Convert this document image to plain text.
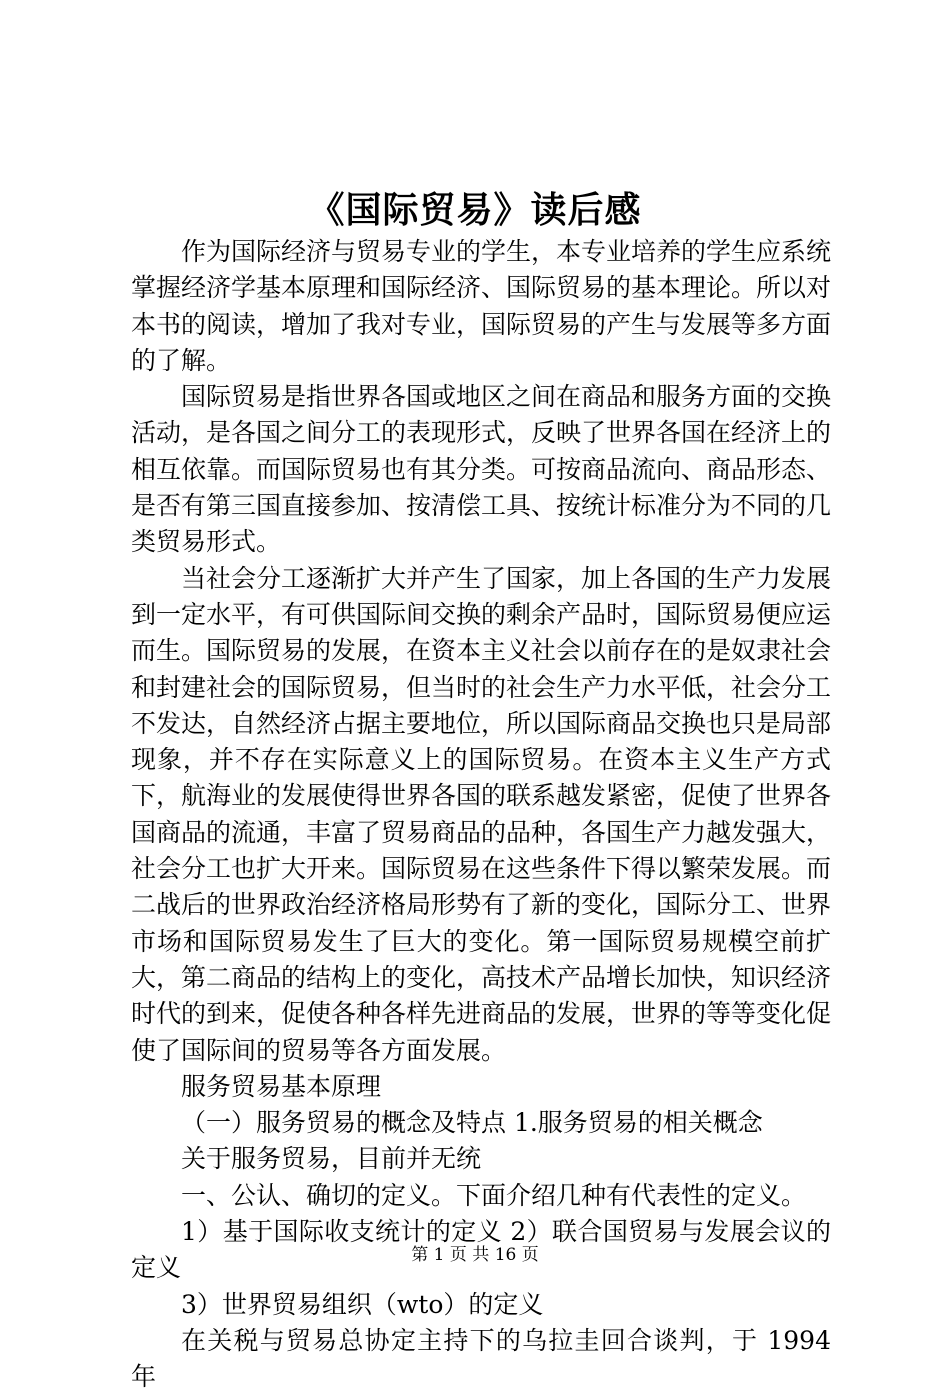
《国际贸易》读后感

作为国际经济与贸易专业的学生，本专业培养的学生应系统掌握经济学基本原理和国际经济、国际贸易的基本理论。所以对本书的阅读，增加了我对专业，国际贸易的产生与发展等多方面的了解。

国际贸易是指世界各国或地区之间在商品和服务方面的交换活动，是各国之间分工的表现形式，反映了世界各国在经济上的相互依靠。而国际贸易也有其分类。可按商品流向、商品形态、是否有第三国直接参加、按清偿工具、按统计标准分为不同的几类贸易形式。

当社会分工逐渐扩大并产生了国家，加上各国的生产力发展到一定水平，有可供国际间交换的剩余产品时，国际贸易便应运而生。国际贸易的发展，在资本主义社会以前存在的是奴隶社会和封建社会的国际贸易，但当时的社会生产力水平低，社会分工不发达，自然经济占据主要地位，所以国际商品交换也只是局部现象，并不存在实际意义上的国际贸易。在资本主义生产方式下，航海业的发展使得世界各国的联系越发紧密，促使了世界各国商品的流通，丰富了贸易商品的品种，各国生产力越发强大，社会分工也扩大开来。国际贸易在这些条件下得以繁荣发展。而二战后的世界政治经济格局形势有了新的变化，国际分工、世界市场和国际贸易发生了巨大的变化。第一国际贸易规模空前扩大，第二商品的结构上的变化，高技术产品增长加快，知识经济时代的到来，促使各种各样先进商品的发展，世界的等等变化促使了国际间的贸易等各方面发展。

服务贸易基本原理

（一）服务贸易的概念及特点 1.服务贸易的相关概念

关于服务贸易，目前并无统

一、公认、确切的定义。下面介绍几种有代表性的定义。

1）基于国际收支统计的定义 2）联合国贸易与发展会议的定义

3）世界贸易组织（wto）的定义

在关税与贸易总协定主持下的乌拉圭回合谈判，于 1994 年

第 1 页 共 16 页
